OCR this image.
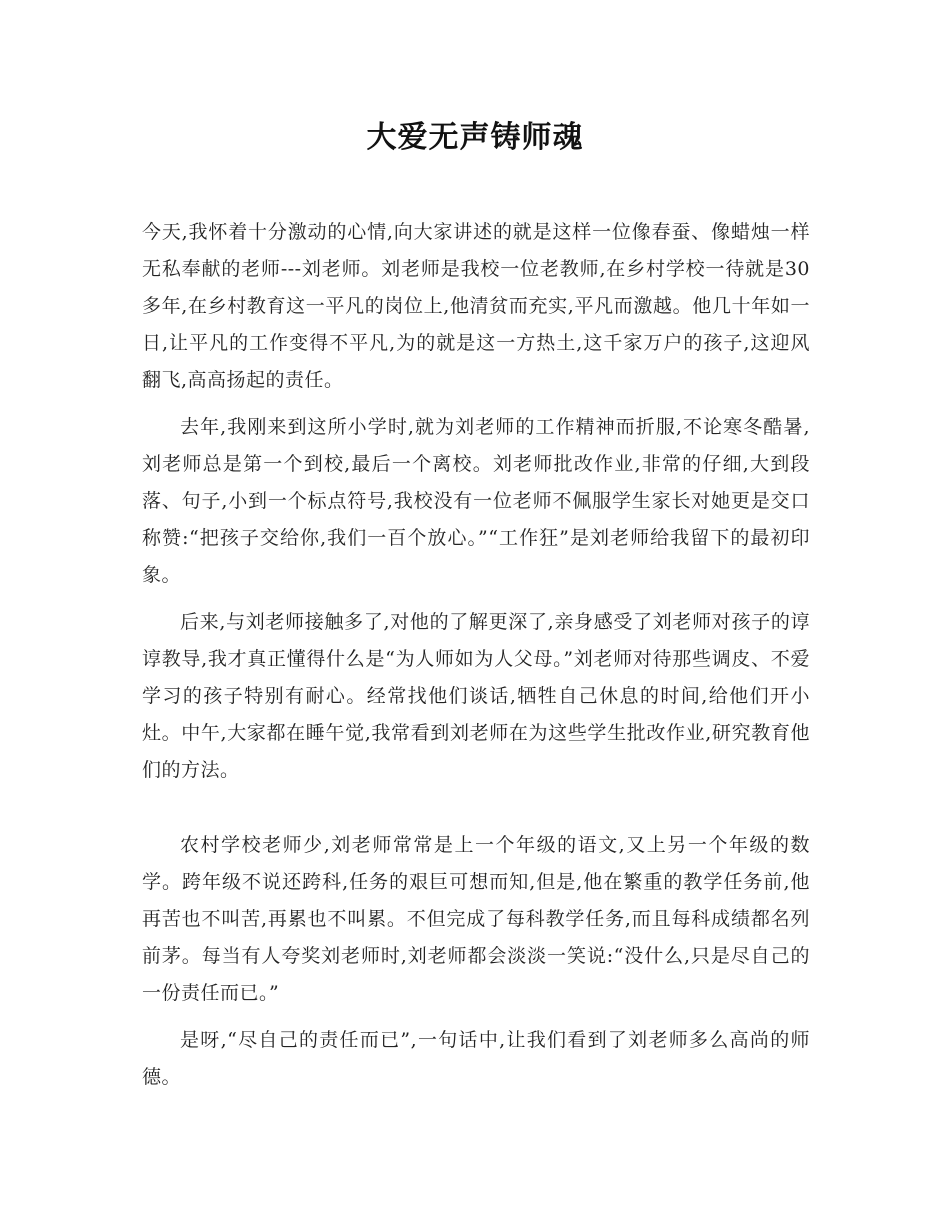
大爱无声铸师魂

今天,我怀着十分激动的心情,向大家讲述的就是这样一位像春蚕、像蜡烛一样无私奉献的老师---刘老师。刘老师是我校一位老教师,在乡村学校一待就是30多年,在乡村教育这一平凡的岗位上,他清贫而充实,平凡而激越。他几十年如一日,让平凡的工作变得不平凡,为的就是这一方热土,这千家万户的孩子,这迎风翻飞,高高扬起的责任。

去年,我刚来到这所小学时,就为刘老师的工作精神而折服,不论寒冬酷暑,刘老师总是第一个到校,最后一个离校。刘老师批改作业,非常的仔细,大到段落、句子,小到一个标点符号,我校没有一位老师不佩服学生家长对她更是交口称赞:“把孩子交给你,我们一百个放心。”“工作狂”是刘老师给我留下的最初印象。

后来,与刘老师接触多了,对他的了解更深了,亲身感受了刘老师对孩子的谆谆教导,我才真正懂得什么是“为人师如为人父母。”刘老师对待那些调皮、不爱学习的孩子特别有耐心。经常找他们谈话,牺牲自己休息的时间,给他们开小灶。中午,大家都在睡午觉,我常看到刘老师在为这些学生批改作业,研究教育他们的方法。

农村学校老师少,刘老师常常是上一个年级的语文,又上另一个年级的数学。跨年级不说还跨科,任务的艰巨可想而知,但是,他在繁重的教学任务前,他再苦也不叫苦,再累也不叫累。不但完成了每科教学任务,而且每科成绩都名列前茅。每当有人夸奖刘老师时,刘老师都会淡淡一笑说:“没什么,只是尽自己的一份责任而已。”

是呀,“尽自己的责任而已”,一句话中,让我们看到了刘老师多么高尚的师德。
